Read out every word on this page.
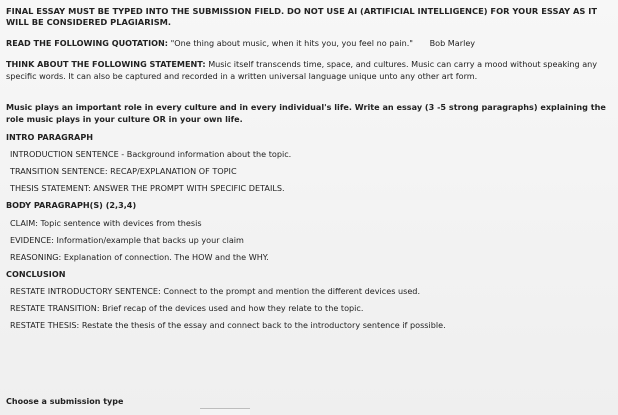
FINAL ESSAY MUST BE TYPED INTO THE SUBMISSION FIELD. DO NOT USE AI (ARTIFICIAL INTELLIGENCE) FOR YOUR ESSAY AS IT WILL BE CONSIDERED PLAGIARISM.

READ THE FOLLOWING QUOTATION: "One thing about music, when it hits you, you feel no pain." Bob Marley

THINK ABOUT THE FOLLOWING STATEMENT: Music itself transcends time, space, and cultures. Music can carry a mood without speaking any specific words. It can also be captured and recorded in a written universal language unique unto any other art form.

Music plays an important role in every culture and in every individual's life. Write an essay (3 -5 strong paragraphs) explaining the role music plays in your culture OR in your own life.

INTRO PARAGRAPH

INTRODUCTION SENTENCE - Background information about the topic.

TRANSITION SENTENCE: RECAP/EXPLANATION OF TOPIC

THESIS STATEMENT: ANSWER THE PROMPT WITH SPECIFIC DETAILS.

BODY PARAGRAPH(S) (2,3,4)

CLAIM: Topic sentence with devices from thesis

EVIDENCE: Information/example that backs up your claim

REASONING: Explanation of connection. The HOW and the WHY.

CONCLUSION

RESTATE INTRODUCTORY SENTENCE: Connect to the prompt and mention the different devices used.

RESTATE TRANSITION: Brief recap of the devices used and how they relate to the topic.

RESTATE THESIS: Restate the thesis of the essay and connect back to the introductory sentence if possible.

Choose a submission type
